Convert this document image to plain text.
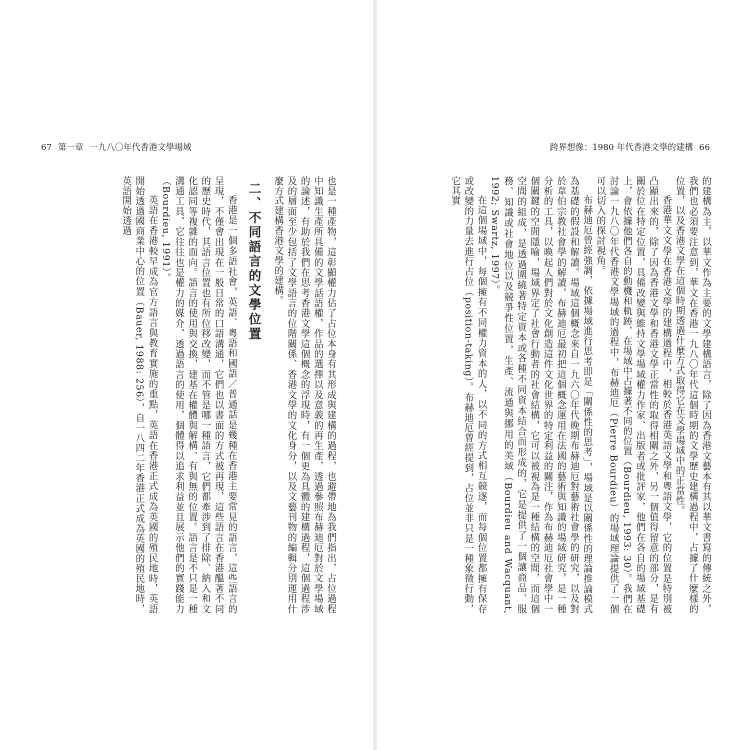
67 第一章 一九八〇年代香港文學場域

也是一種產物，這彰顯權力佔了占位本身有其形成與建構的過程，也避帶地為我們指出，占位過程中知識生產所具備的文學話語權，作品的選擇以及意義的再生產，透過參照布赫迪厄對於文學場域的論述，有助於我們在思考香港文學這個概念的浮現時，有一個更為具體的建構過程，這個過程涉及的層面至少包括了文學語言的位階關係、香港文學的文化身分，以及文藝刊物的編輯分別運用什麼方式建構香港文學的建構。

二、不同語言的文學位置

香港是一個多語社會，英語、粵語和國語／普通話是幾種在香港主要常見的語言，這些語言的呈現，不僅會出現在一般日常的口語溝通，它們也以書面的方式被再現，這些語言在香港醞著不同的歷史時代，其語言位置也有所位移改變，而不管是哪一種語言，它們都牽涉到了排除、納入和文化認同等複雜的面向。語言的使用與交換，建基在權體與解構、有與無的位置。語言是不只是一種溝通工具，它往往也是權力的媒介，透過語言的使用，個體得以追求利益並且展示他們的實踐能力（Bourdieu, 1991）。

英語在香港較早成為官方語言與教育實施的重點，英語在香港正式成為英國的殖民地時，英語開始透過國商業中心的位置（Bauer, 1988: 256），自一八四二年香港正式成為英國的殖民地時，英語開始透過

跨界想像：1980 年代香港文學的建構 66

的建構為主，以華文作為主要的文學建構語言，除了因為香港文藝本有其以華文書寫的傳統之外，我們也必須要注意到，華文在香港一九八〇年代這個時期的文學歷史建構過程中，占據了什麼樣的位置，以及香港文學在這個時期透過什麼方式取得它在文學場域中的正當性。

香港華文文學在香港文學的建構過程中，相較於香港英語文學和粵語文學，它的位置是特別被凸顯出來的，除了因為香港文學和香港文學正當性的取得相關之外，另一個值得留意的部分，是有關於位在特定位置，具備改變與維持文學場域權力作家、出版者或批評家，他們在各自的場域基礎上，會依據他們各自的動機和軌跡，在場域中占據著不同的位置（Bourdieu, 1993: 30）。我們在討論一九八〇年代香港文學場域的過程中，布赫迪厄（Pierre Bourdieu）的場域理論提供了一個可以切入的探討視角。

布赫迪厄曾經強調，依據場域進行思考即是「關係性的思考」，場域是以關係性的理論推論模式為基礎的假設和解讀。場域這個概念來自一九六〇年代晚期布赫迪厄對藝術社會學的研究，以及對於韋伯宗教社會學的解讀，布赫迪厄最初把這個概念運用在法國的藝術與知識的場域研究，是一種分析的工具，以喚起人們對於文化創造這件文化世界的特定利益的關注，作為布赫迪厄社會學中一個關鍵的空間隱喻，場域界定了社會行動者的社會結構，它可以被視為是一種結構的空間，而這個空間的組成，是透過圍繞著特定資本或各種不同資本結合而形成的，它是提供了一個讓商品、服務、知識或社會地位以及競爭性位置，生產、流通與挪用的美域（Bourdieu and Wacquant, 1992; Swartz, 1997）。

在這個場域中，每個擁有不同權力資本的人，以不同的方式相互競逐，而每個位置都擁有保存或改變的力量去進行占位（position-taking）。布赫迪厄曾經提到，占位並非只是一種象徵行動，它其實
